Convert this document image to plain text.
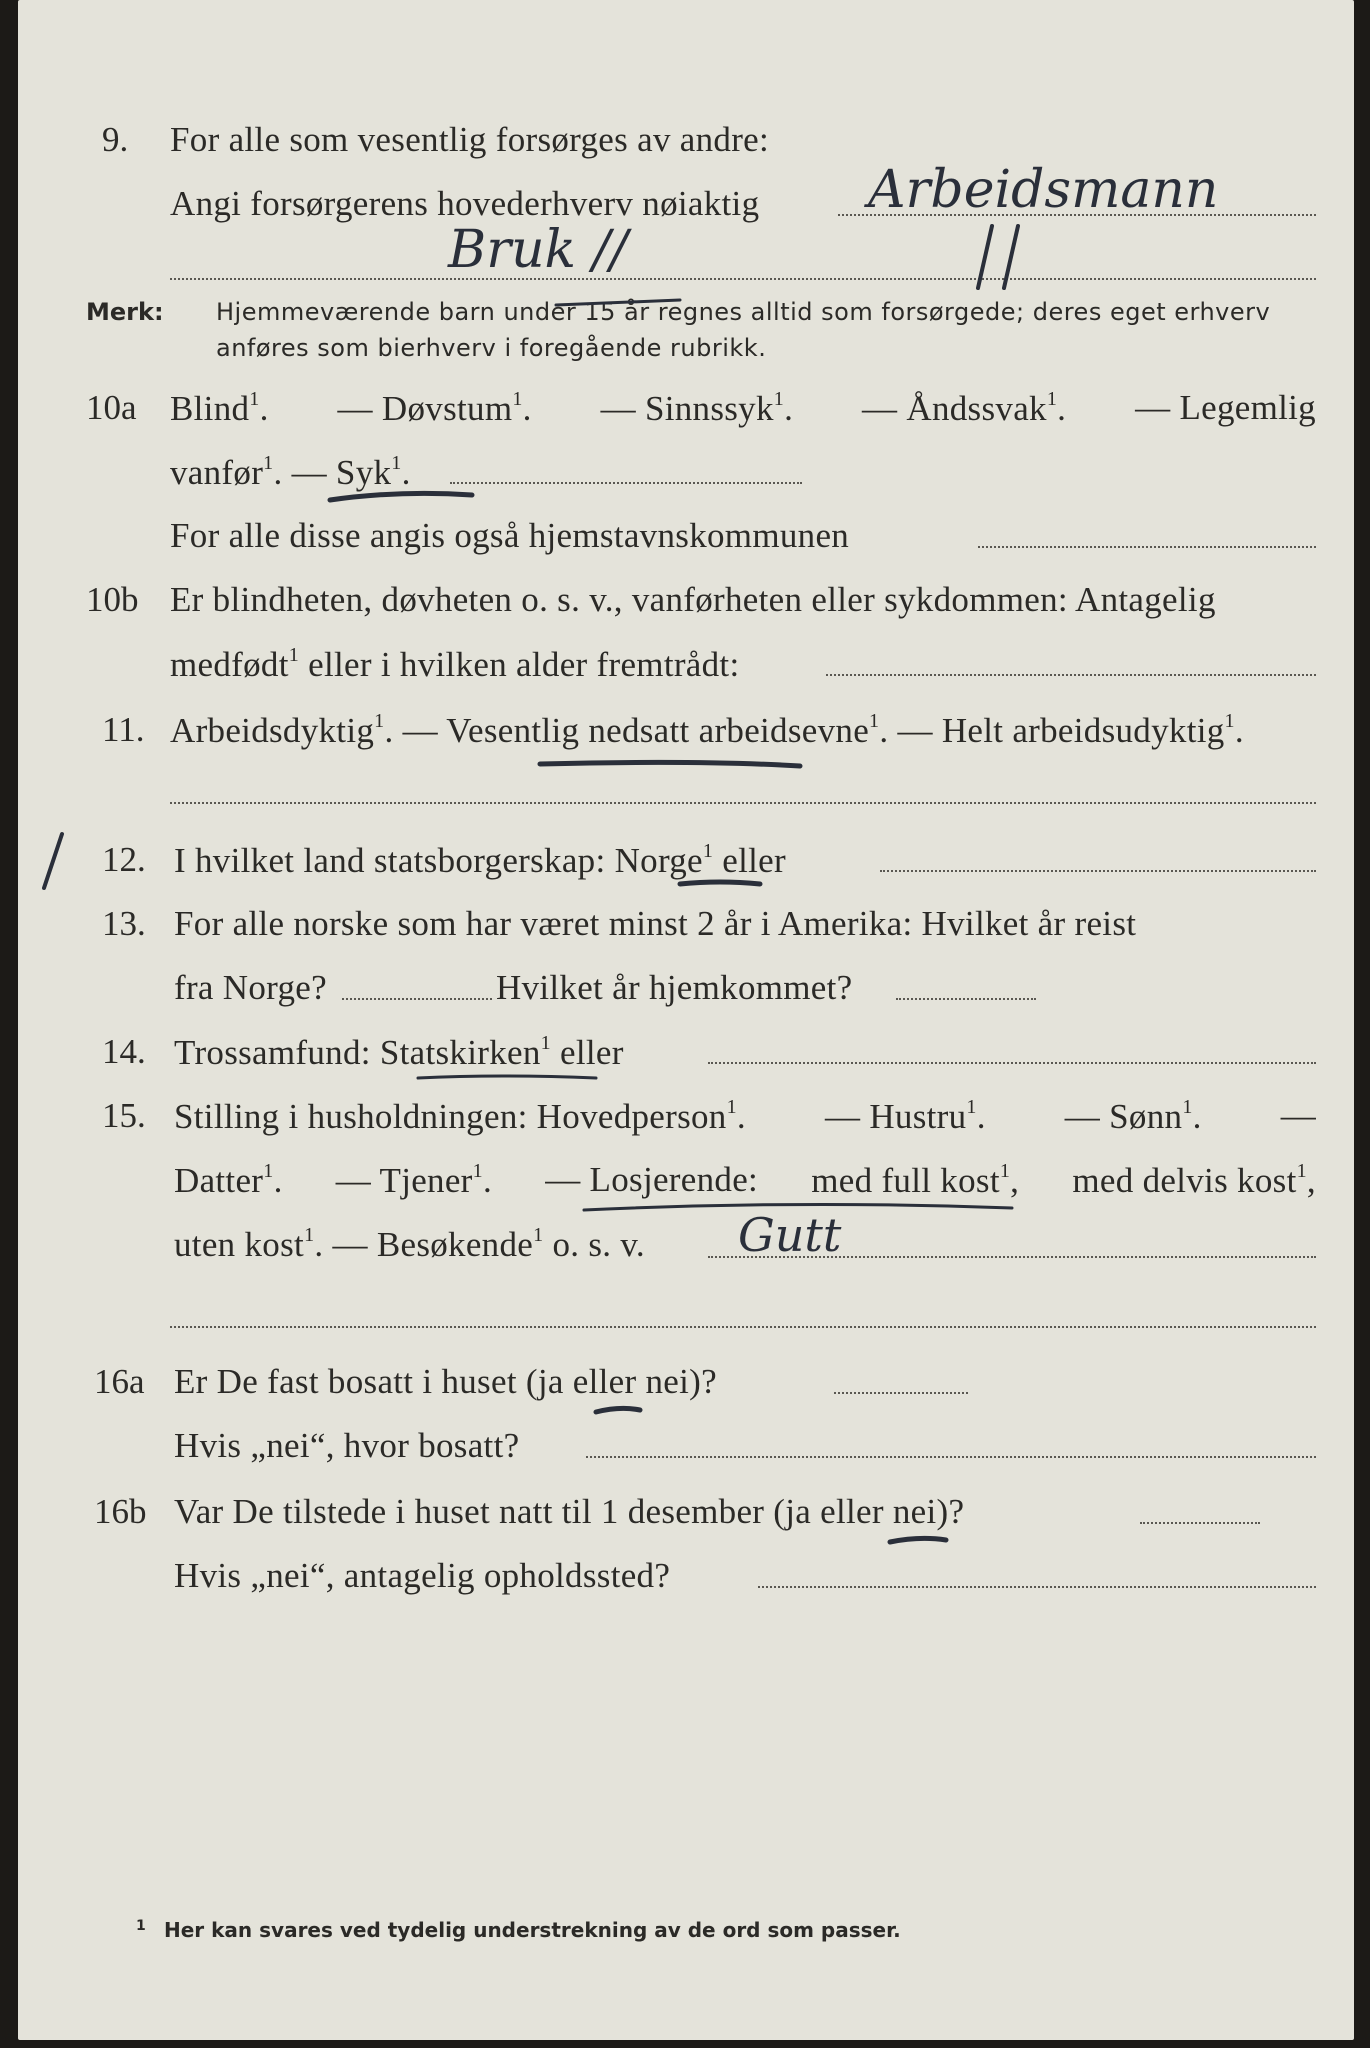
9. For alle som vesentlig forsørges av andre:
Angi forsørgerens hovederhverv nøiaktig Arbeidsmann
Bruk //
Merk: Hjemmeværende barn under 15 år regnes alltid som forsørgede; deres eget erhverv
anføres som bierhverv i foregående rubrikk.
10a Blind$^1$. — Døvstum$^1$. — Sinnssyk$^1$. — Åndssvak$^1$. — Legemlig
vanfør$^1$. — Syk$^1$.
For alle disse angis også hjemstavnskommunen
10b Er blindheten, døvheten o. s. v., vanførheten eller sykdommen: Antagelig
medfødt$^1$ eller i hvilken alder fremtrådt:
11. Arbeidsdyktig$^1$. — Vesentlig nedsatt arbeidsevne$^1$. — Helt arbeidsudyktig$^1$.
12. I hvilket land statsborgerskap: Norge$^1$ eller
13. For alle norske som har været minst 2 år i Amerika: Hvilket år reist
fra Norge?	Hvilket år hjemkommet?
14. Trossamfund: Statskirken$^1$ eller
15. Stilling i husholdningen: Hovedperson$^1$. — Hustru$^1$. — Sønn$^1$. —
Datter$^1$. — Tjener$^1$. — Losjerende: med full kost$^1$, med delvis kost$^1$,
uten kost$^1$. — Besøkende$^1$ o. s. v. Gutt
16a Er De fast bosatt i huset (ja eller nei)?
Hvis „nei“, hvor bosatt?
16b Var De tilstede i huset natt til 1 desember (ja eller nei)?
Hvis „nei“, antagelig opholdssted?
1 Her kan svares ved tydelig understrekning av de ord som passer.
